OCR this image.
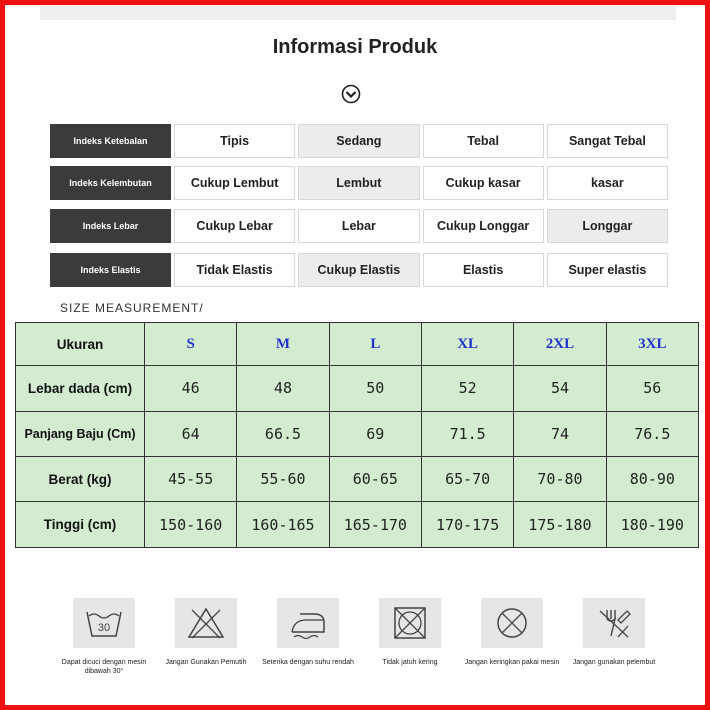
Informasi Produk
Indeks Ketebalan	Tipis	Sedang	Tebal	Sangat Tebal
Indeks Kelembutan	Cukup Lembut	Lembut	Cukup kasar	kasar
Indeks Lebar	Cukup Lebar	Lebar	Cukup Longgar	Longgar
Indeks Elastis	Tidak Elastis	Cukup Elastis	Elastis	Super elastis
SIZE MEASUREMENT/
Ukuran	S	M	L	XL	2XL	3XL
Lebar dada (cm)	46	48	50	52	54	56
Panjang Baju (Cm)	64	66.5	69	71.5	74	76.5
Berat (kg)	45-55	55-60	60-65	65-70	70-80	80-90
Tinggi (cm)	150-160	160-165	165-170	170-175	175-180	180-190
30
Dapat dicuci dengan mesin dibawah 30°
Jangan Gunakan Pemutih	Seterika dengan suhu rendah	Tidak jatuh kering	Jangan keringkan pakai mesin	Jangan gunakan pelembut
